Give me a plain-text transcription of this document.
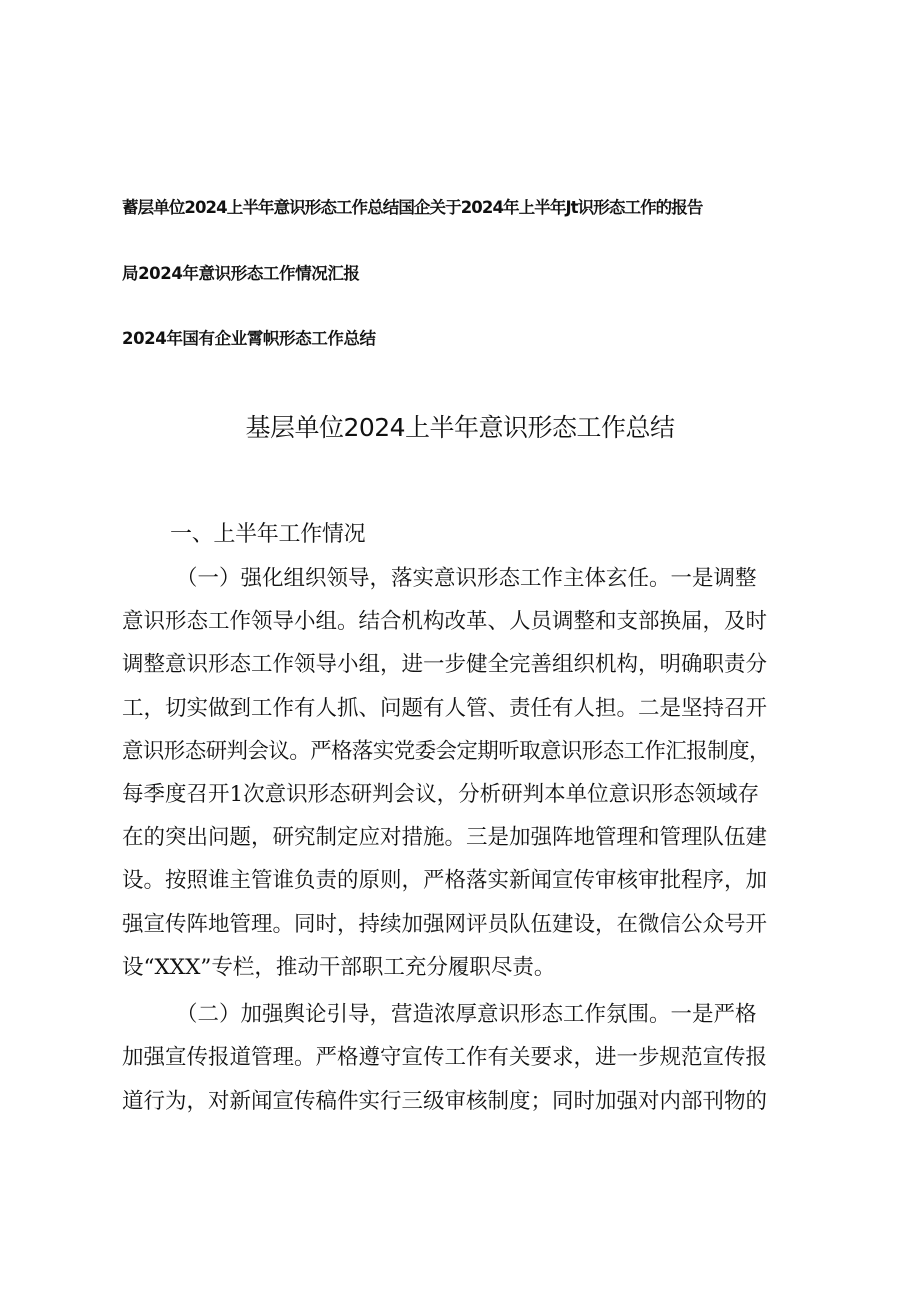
蓄层单位2024上半年意识形态工作总结国企关于2024年上半年Jt识形态工作的报告
局2024年意识形态工作情况汇报
2024年国有企业霄帜形态工作总结
基层单位2024上半年意识形态工作总结
一、上半年工作情况
（一）强化组织领导，落实意识形态工作主体玄任。一是调整
意识形态工作领导小组。结合机构改革、人员调整和支部换届，及时
调整意识形态工作领导小组，进一步健全完善组织机构，明确职责分
工，切实做到工作有人抓、问题有人管、责任有人担。二是坚持召开
意识形态研判会议。严格落实党委会定期听取意识形态工作汇报制度，
每季度召开1次意识形态研判会议，分析研判本单位意识形态领域存
在的突出问题，研究制定应对措施。三是加强阵地管理和管理队伍建
设。按照谁主管谁负责的原则，严格落实新闻宣传审核审批程序，加
强宣传阵地管理。同时，持续加强网评员队伍建设，在微信公众号开
设“XXX”专栏，推动干部职工充分履职尽责。
（二）加强舆论引导，营造浓厚意识形态工作氛围。一是严格
加强宣传报道管理。严格遵守宣传工作有关要求，进一步规范宣传报
道行为，对新闻宣传稿件实行三级审核制度；同时加强对内部刊物的
